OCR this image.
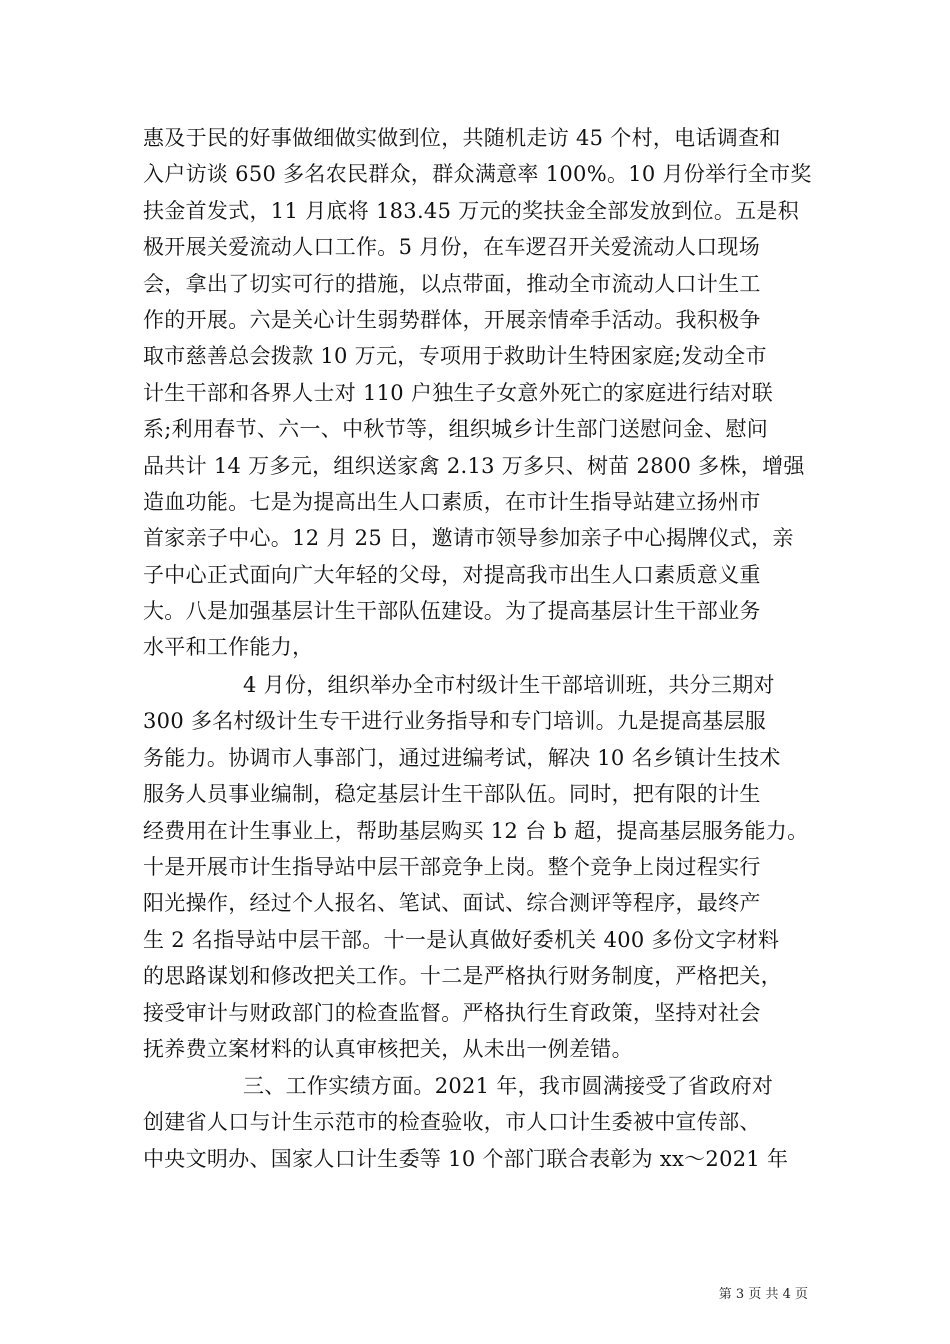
惠及于民的好事做细做实做到位，共随机走访 45 个村，电话调查和
入户访谈 650 多名农民群众，群众满意率 100%。10 月份举行全市奖
扶金首发式，11 月底将 183.45 万元的奖扶金全部发放到位。五是积
极开展关爱流动人口工作。5 月份，在车逻召开关爱流动人口现场
会，拿出了切实可行的措施，以点带面，推动全市流动人口计生工
作的开展。六是关心计生弱势群体，开展亲情牵手活动。我积极争
取市慈善总会拨款 10 万元，专项用于救助计生特困家庭;发动全市
计生干部和各界人士对 110 户独生子女意外死亡的家庭进行结对联
系;利用春节、六一、中秋节等，组织城乡计生部门送慰问金、慰问
品共计 14 万多元，组织送家禽 2.13 万多只、树苗 2800 多株，增强
造血功能。七是为提高出生人口素质，在市计生指导站建立扬州市
首家亲子中心。12 月 25 日，邀请市领导参加亲子中心揭牌仪式，亲
子中心正式面向广大年轻的父母，对提高我市出生人口素质意义重
大。八是加强基层计生干部队伍建设。为了提高基层计生干部业务
水平和工作能力，
4 月份，组织举办全市村级计生干部培训班，共分三期对
300 多名村级计生专干进行业务指导和专门培训。九是提高基层服
务能力。协调市人事部门，通过进编考试，解决 10 名乡镇计生技术
服务人员事业编制，稳定基层计生干部队伍。同时，把有限的计生
经费用在计生事业上，帮助基层购买 12 台 b 超，提高基层服务能力。
十是开展市计生指导站中层干部竞争上岗。整个竞争上岗过程实行
阳光操作，经过个人报名、笔试、面试、综合测评等程序，最终产
生 2 名指导站中层干部。十一是认真做好委机关 400 多份文字材料
的思路谋划和修改把关工作。十二是严格执行财务制度，严格把关，
接受审计与财政部门的检查监督。严格执行生育政策，坚持对社会
抚养费立案材料的认真审核把关，从未出一例差错。
三、工作实绩方面。2021 年，我市圆满接受了省政府对
创建省人口与计生示范市的检查验收，市人口计生委被中宣传部、
中央文明办、国家人口计生委等 10 个部门联合表彰为 xx～2021 年
第 3 页 共 4 页
